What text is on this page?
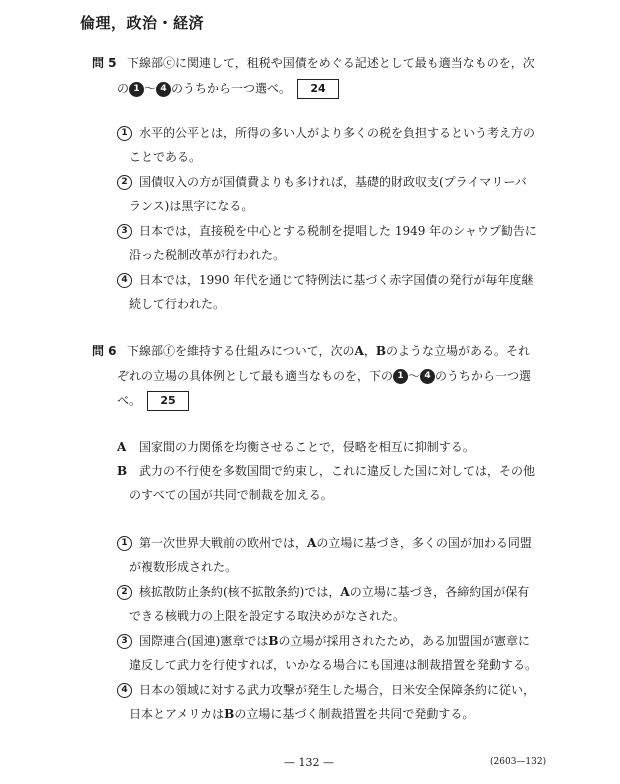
倫理，政治・経済
問 5 下線部ⓒに関連して，租税や国債をめぐる記述として最も適当なものを，次
の 1 〜 4 のうちから一つ選べ。 24
1 水平的公平とは，所得の多い人がより多くの税を負担するという考え方の
ことである。
2 国債収入の方が国債費よりも多ければ，基礎的財政収支(プライマリーバ
ランス)は黒字になる。
3 日本では，直接税を中心とする税制を提唱した 1949 年のシャウプ勧告に
沿った税制改革が行われた。
4 日本では，1990 年代を通じて特例法に基づく赤字国債の発行が毎年度継
続して行われた。
問 6 下線部ⓕを維持する仕組みについて，次のA，Bのような立場がある。それ
ぞれの立場の具体例として最も適当なものを，下の 1 〜 4 のうちから一つ選
べ。 25
A 国家間の力関係を均衡させることで，侵略を相互に抑制する。
B 武力の不行使を多数国間で約束し，これに違反した国に対しては，その他
のすべての国が共同で制裁を加える。
1 第一次世界大戦前の欧州では，Aの立場に基づき，多くの国が加わる同盟
が複数形成された。
2 核拡散防止条約(核不拡散条約)では，Aの立場に基づき，各締約国が保有
できる核戦力の上限を設定する取決めがなされた。
3 国際連合(国連)憲章ではBの立場が採用されたため，ある加盟国が憲章に
違反して武力を行使すれば，いかなる場合にも国連は制裁措置を発動する。
4 日本の領域に対する武力攻撃が発生した場合，日米安全保障条約に従い，
日本とアメリカはBの立場に基づく制裁措置を共同で発動する。
— 132 —	(2603—132)
